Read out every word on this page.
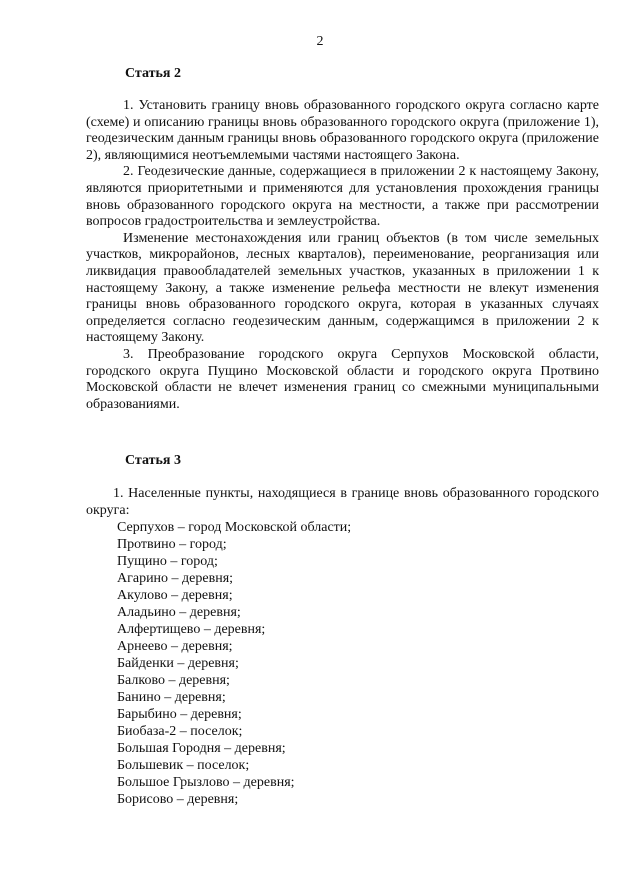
2
Статья 2

1. Установить границу вновь образованного городского округа согласно карте (схеме) и описанию границы вновь образованного городского округа (приложение 1), геодезическим данным границы вновь образованного городского округа (приложение 2), являющимися неотъемлемыми частями настоящего Закона.

2. Геодезические данные, содержащиеся в приложении 2 к настоящему Закону, являются приоритетными и применяются для установления прохождения границы вновь образованного городского округа на местности, а также при рассмотрении вопросов градостроительства и землеустройства.

Изменение местонахождения или границ объектов (в том числе земельных участков, микрорайонов, лесных кварталов), переименование, реорганизация или ликвидация правообладателей земельных участков, указанных в приложении 1 к настоящему Закону, а также изменение рельефа местности не влекут изменения границы вновь образованного городского округа, которая в указанных случаях определяется согласно геодезическим данным, содержащимся в приложении 2 к настоящему Закону.

3. Преобразование городского округа Серпухов Московской области, городского округа Пущино Московской области и городского округа Протвино Московской области не влечет изменения границ со смежными муниципальными образованиями.

Статья 3

1. Населенные пункты, находящиеся в границе вновь образованного городского округа:

Серпухов – город Московской области;
Протвино – город;
Пущино – город;
Агарино – деревня;
Акулово – деревня;
Аладьино – деревня;
Алфертищево – деревня;
Арнеево – деревня;
Байденки – деревня;
Балково – деревня;
Банино – деревня;
Барыбино – деревня;
Биобаза-2 – поселок;
Большая Городня – деревня;
Большевик – поселок;
Большое Грызлово – деревня;
Борисово – деревня;
